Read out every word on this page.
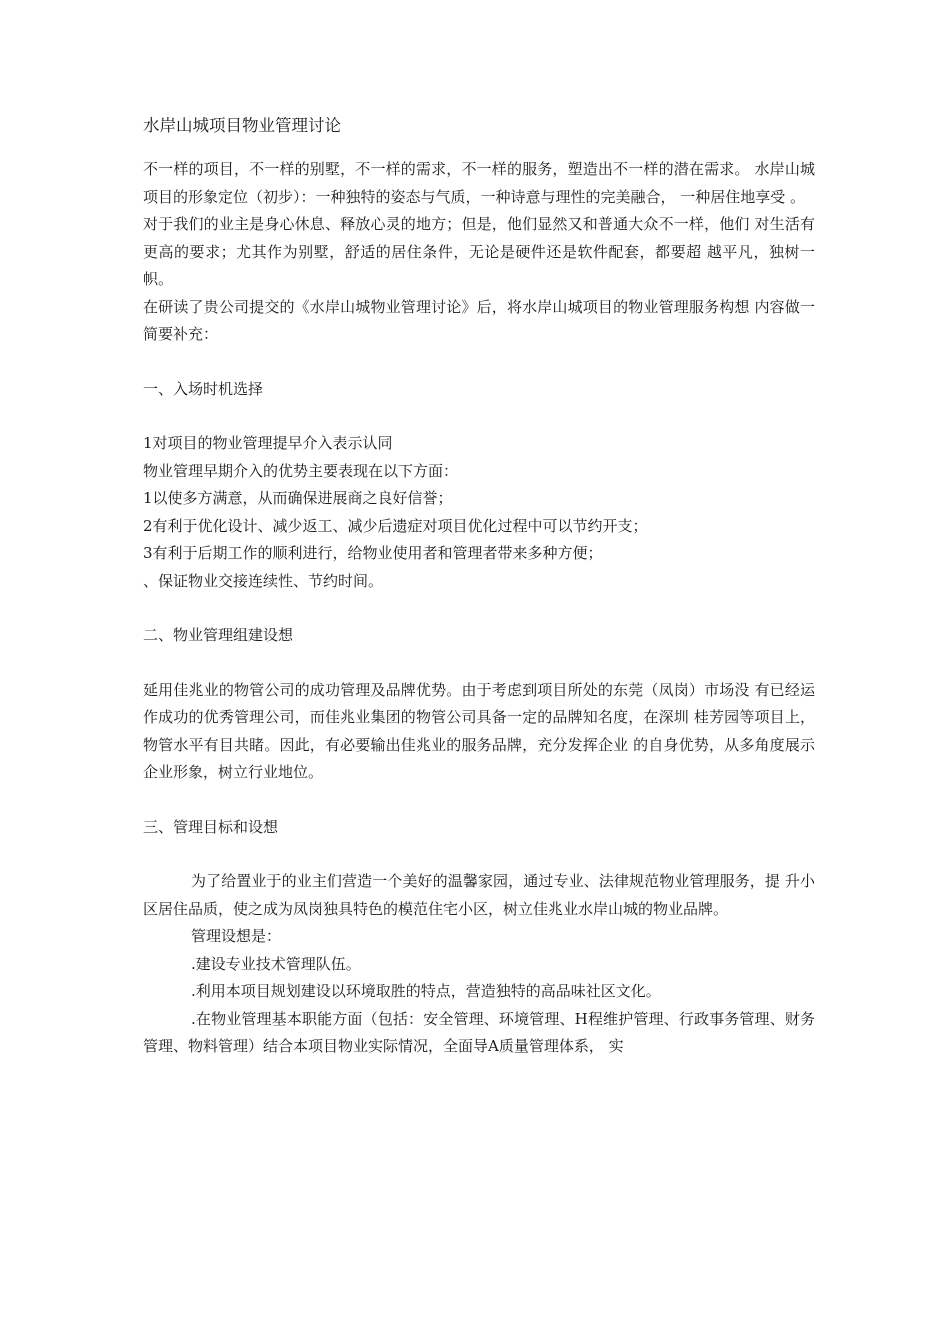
水岸山城项目物业管理讨论

不一样的项目，不一样的别墅，不一样的需求，不一样的服务，塑造出不一样的潜在需求。 水岸山城项目的形象定位（初步）：一种独特的姿态与气质，一种诗意与理性的完美融合， 一种居住地享受 。

对于我们的业主是身心休息、释放心灵的地方；但是，他们显然又和普通大众不一样，他们 对生活有更高的要求；尤其作为别墅，舒适的居住条件，无论是硬件还是软件配套，都要超 越平凡，独树一帜。

在研读了贵公司提交的《水岸山城物业管理讨论》后，将水岸山城项目的物业管理服务构想 内容做一简要补充：

一、入场时机选择

1对项目的物业管理提早介入表示认同

物业管理早期介入的优势主要表现在以下方面：

1以使多方满意，从而确保进展商之良好信誉；

2有利于优化设计、减少返工、减少后遗症对项目优化过程中可以节约开支；

3有利于后期工作的顺利进行，给物业使用者和管理者带来多种方便；

、保证物业交接连续性、节约时间。

二、物业管理组建设想

延用佳兆业的物管公司的成功管理及品牌优势。由于考虑到项目所处的东莞（凤岗）市场没 有已经运作成功的优秀管理公司，而佳兆业集团的物管公司具备一定的品牌知名度，在深圳 桂芳园等项目上，物管水平有目共睹。因此，有必要输出佳兆业的服务品牌，充分发挥企业 的自身优势，从多角度展示企业形象，树立行业地位。

三、管理目标和设想

为了给置业于的业主们营造一个美好的温馨家园，通过专业、法律规范物业管理服务，提 升小区居住品质，使之成为凤岗独具特色的模范住宅小区，树立佳兆业水岸山城的物业品牌。

管理设想是：

.建设专业技术管理队伍。

.利用本项目规划建设以环境取胜的特点，营造独特的高品味社区文化。

.在物业管理基本职能方面（包括：安全管理、环境管理、H程维护管理、行政事务管理、财务管理、物料管理）结合本项目物业实际情况，全面导A质量管理体系， 实
